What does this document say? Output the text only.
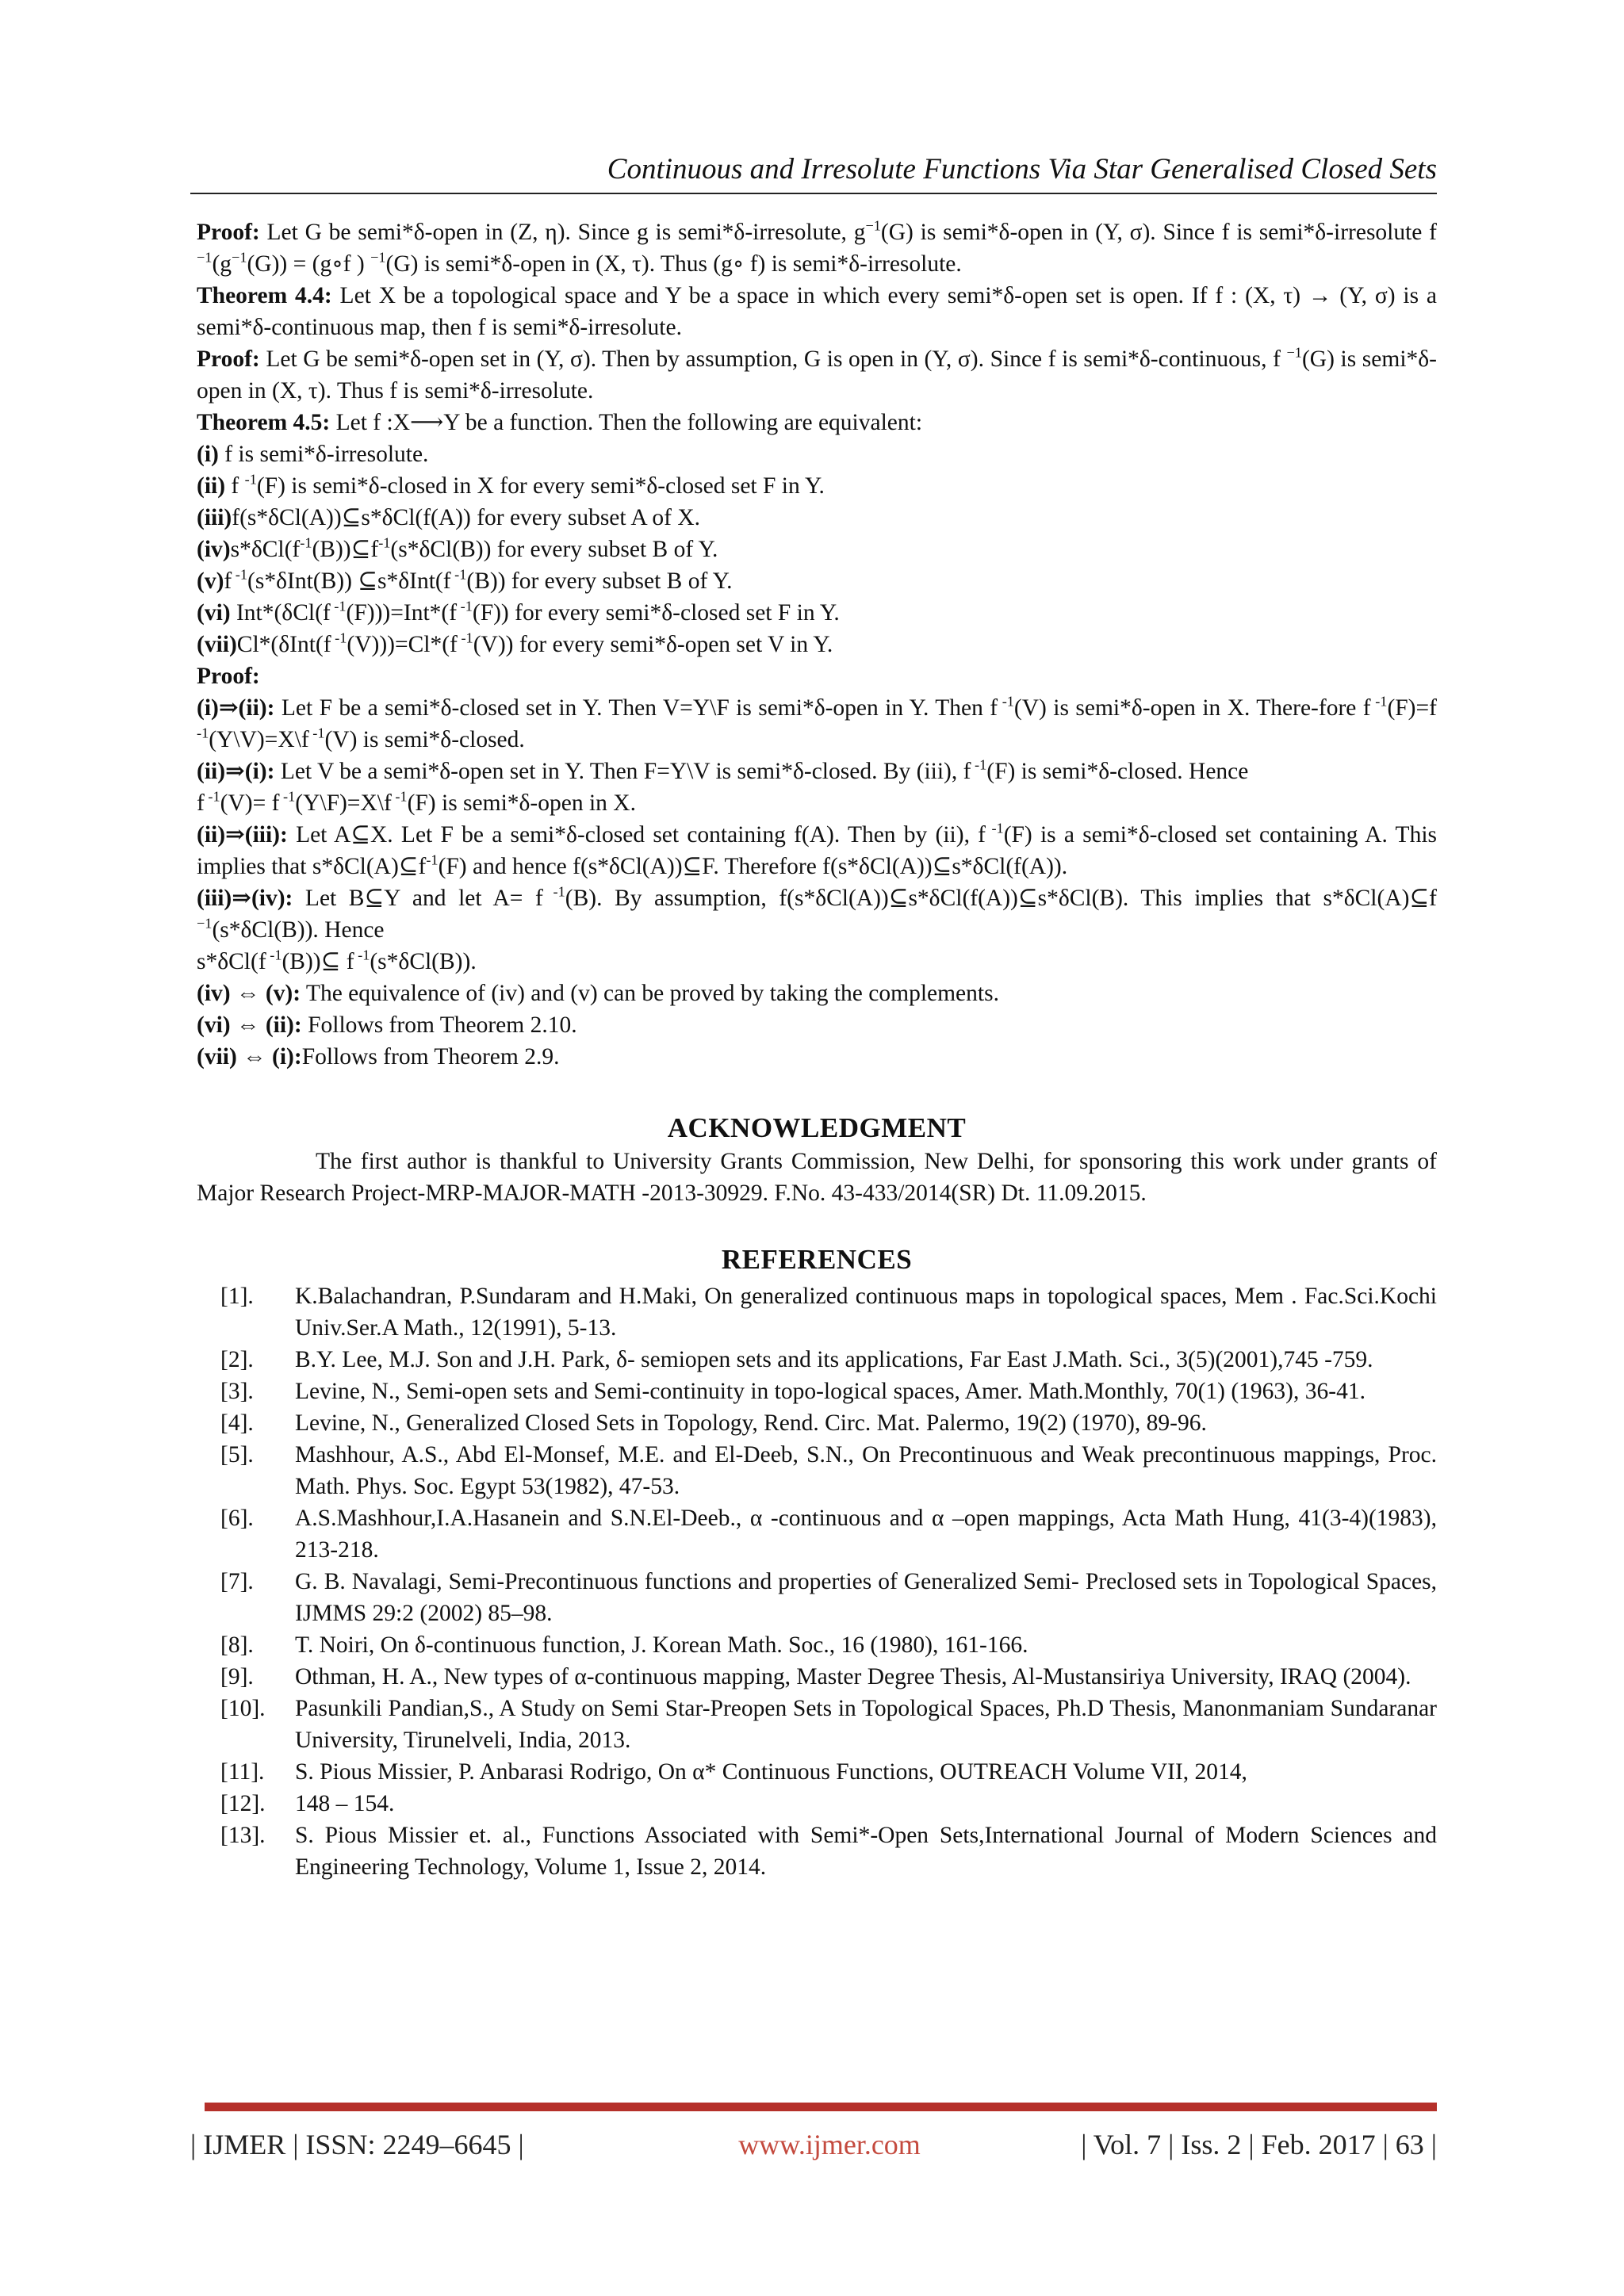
Continuous and Irresolute Functions Via Star Generalised Closed Sets

Proof: Let G be semi*δ-open in (Z, η). Since g is semi*δ-irresolute, $g^{-1}(G)$ is semi*δ-open in (Y, σ). Since f is semi*δ-irresolute f $^{-1}(g^{-1}(G))$ = (g∘f ) $^{-1}$(G) is semi*δ-open in (X, τ). Thus (g∘ f) is semi*δ-irresolute.

Theorem 4.4: Let X be a topological space and Y be a space in which every semi*δ-open set is open. If f : (X, τ) → (Y, σ) is a semi*δ-continuous map, then f is semi*δ-irresolute.

Proof: Let G be semi*δ-open set in (Y, σ). Then by assumption, G is open in (Y, σ). Since f is semi*δ-continuous, f $^{-1}$(G) is semi*δ-open in (X, τ). Thus f is semi*δ-irresolute.

Theorem 4.5: Let f :X⟶Y be a function. Then the following are equivalent:

(i) f is semi*δ-irresolute.

(ii) f $^{-1}$(F) is semi*δ-closed in X for every semi*δ-closed set F in Y.

(iii)f(s*δCl(A))⊆s*δCl(f(A)) for every subset A of X.

$(iv)s*\delta Cl(f^{-1}(B))⊆f^{-1}(s*\delta Cl(B))$ for every subset B of Y.

(v)f $^{-1}$(s*δInt(B)) ⊆s*δInt(f $^{-1}$(B)) for every subset B of Y.

(vi) Int*(δCl(f $^{-1}$(F)))=Int*(f $^{-1}$(F)) for every semi*δ-closed set F in Y.

(vii)Cl*(δInt(f $^{-1}$(V)))=Cl*(f $^{-1}$(V)) for every semi*δ-open set V in Y.

Proof:

(i)⇒(ii): Let F be a semi*δ-closed set in Y. Then V=Y\F is semi*δ-open in Y. Then f $^{-1}$(V) is semi*δ-open in X. There-fore f $^{-1}$(F)=f $^{-1}$(Y\V)=X\f $^{-1}$(V) is semi*δ-closed.

(ii)⇒(i): Let V be a semi*δ-open set in Y. Then F=Y\V is semi*δ-closed. By (iii), f $^{-1}$(F) is semi*δ-closed. Hence

f $^{-1}$(V)= f $^{-1}$(Y\F)=X\f $^{-1}$(F) is semi*δ-open in X.

(ii)⇒(iii): Let A⊆X. Let F be a semi*δ-closed set containing f(A). Then by (ii), f $^{-1}$(F) is a semi*δ-closed set containing A. This implies that $s*\delta Cl(A)⊆f^{-1}(F)$ and hence f(s*δCl(A))⊆F. Therefore f(s*δCl(A))⊆s*δCl(f(A)).

(iii)⇒(iv): Let B⊆Y and let A= f $^{-1}$(B). By assumption, f(s*δCl(A))⊆s*δCl(f(A))⊆s*δCl(B). This implies that s*δCl(A)⊆f $^{-1}$(s*δCl(B)). Hence

s*δCl(f $^{-1}$(B))⊆ f $^{-1}$(s*δCl(B)).

(iv) ⇔ (v): The equivalence of (iv) and (v) can be proved by taking the complements.

(vi) ⇔ (ii): Follows from Theorem 2.10.

(vii) ⇔ (i):Follows from Theorem 2.9.

ACKNOWLEDGMENT

The first author is thankful to University Grants Commission, New Delhi, for sponsoring this work under grants of Major Research Project-MRP-MAJOR-MATH -2013-30929. F.No. 43-433/2014(SR) Dt. 11.09.2015.

REFERENCES
[1].	K.Balachandran, P.Sundaram and H.Maki, On generalized continuous maps in topological spaces, Mem . Fac.Sci.Kochi Univ.Ser.A Math., 12(1991), 5-13.
[2].	B.Y. Lee, M.J. Son and J.H. Park, δ- semiopen sets and its applications, Far East J.Math. Sci., 3(5)(2001),745 -759.
[3].	Levine, N., Semi-open sets and Semi-continuity in topo-logical spaces, Amer. Math.Monthly, 70(1) (1963), 36-41.
[4].	Levine, N., Generalized Closed Sets in Topology, Rend. Circ. Mat. Palermo, 19(2) (1970), 89-96.
[5].	Mashhour, A.S., Abd El-Monsef, M.E. and El-Deeb, S.N., On Precontinuous and Weak precontinuous mappings, Proc. Math. Phys. Soc. Egypt 53(1982), 47-53.
[6].	A.S.Mashhour,I.A.Hasanein and S.N.El-Deeb., α -continuous and α –open mappings, Acta Math Hung, 41(3-4)(1983), 213-218.
[7].	G. B. Navalagi, Semi-Precontinuous functions and properties of Generalized Semi- Preclosed sets in Topological Spaces, IJMMS 29:2 (2002) 85–98.
[8].	T. Noiri, On δ-continuous function, J. Korean Math. Soc., 16 (1980), 161-166.
[9].	Othman, H. A., New types of α-continuous mapping, Master Degree Thesis, Al-Mustansiriya University, IRAQ (2004).
[10].	Pasunkili Pandian,S., A Study on Semi Star-Preopen Sets in Topological Spaces, Ph.D Thesis, Manonmaniam Sundaranar University, Tirunelveli, India, 2013.
[11].	S. Pious Missier, P. Anbarasi Rodrigo, On α* Continuous Functions, OUTREACH Volume VII, 2014,
[12].	148 – 154.
[13].	S. Pious Missier et. al., Functions Associated with Semi*-Open Sets,International Journal of Modern Sciences and Engineering Technology, Volume 1, Issue 2, 2014.
| IJMER | ISSN: 2249–6645 |	www.ijmer.com	| Vol. 7 | Iss. 2 | Feb. 2017 | 63 |
